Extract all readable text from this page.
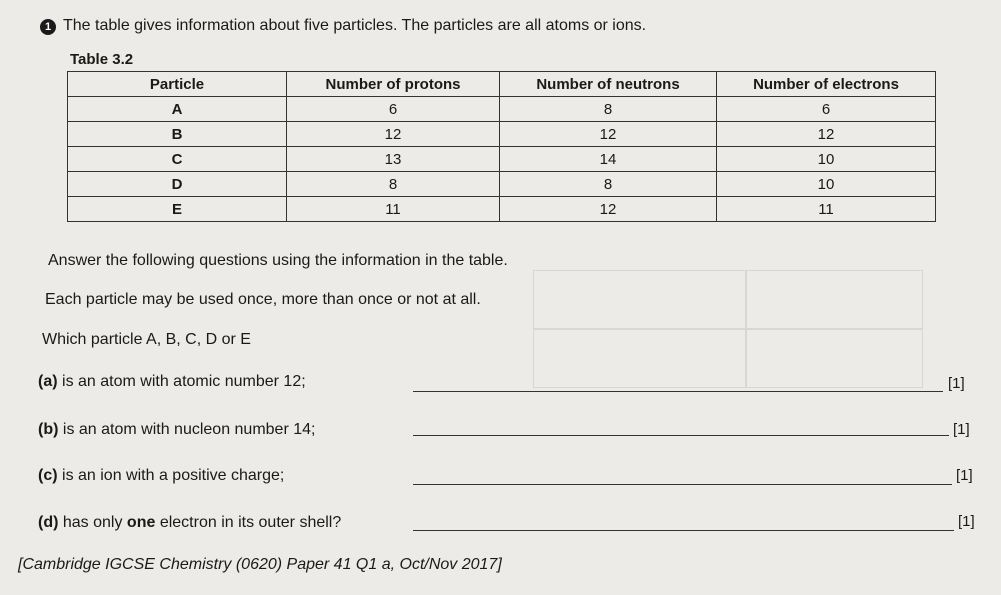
1 The table gives information about five particles. The particles are all atoms or ions.
Table 3.2
Particle	Number of protons	Number of neutrons	Number of electrons
A	6	8	6
B	12	12	12
C	13	14	10
D	8	8	10
E	11	12	11
Answer the following questions using the information in the table.
Each particle may be used once, more than once or not at all.
Which particle A, B, C, D or E
(a) is an atom with atomic number 12;	[1]
(b) is an atom with nucleon number 14;	[1]
(c) is an ion with a positive charge;	[1]
(d) has only one electron in its outer shell?	[1]
[Cambridge IGCSE Chemistry (0620) Paper 41 Q1 a, Oct/Nov 2017]
